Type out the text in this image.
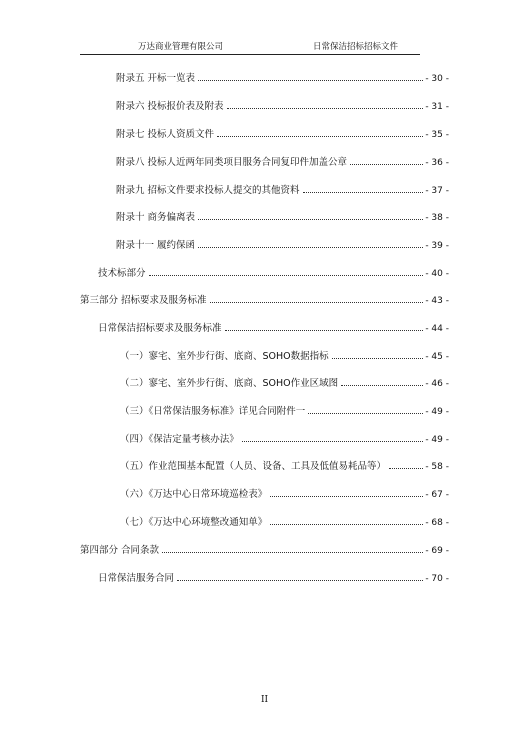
万达商业管理有限公司	日常保洁招标招标文件
附录五 开标一览表	- 30 -
附录六 投标报价表及附表	- 31 -
附录七 投标人资质文件	- 35 -
附录八 投标人近两年同类项目服务合同复印件加盖公章	- 36 -
附录九 招标文件要求投标人提交的其他资料	- 37 -
附录十 商务偏离表	- 38 -
附录十一 履约保函	- 39 -
技术标部分	- 40 -
第三部分 招标要求及服务标准	- 43 -
日常保洁招标要求及服务标准	- 44 -
（一）寥宅、室外步行街、底商、SOHO数据指标	- 45 -
（二）寥宅、室外步行街、底商、SOHO作业区域图	- 46 -
（三）《日常保洁服务标准》详见合同附件一	- 49 -
（四）《保洁定量考核办法》	- 49 -
（五）作业范围基本配置（人员、设备、工具及低值易耗品等）	- 58 -
（六）《万达中心日常环境巡检表》	- 67 -
（七）《万达中心环境整改通知单》	- 68 -
第四部分 合同条款	- 69 -
日常保洁服务合同	- 70 -
II
